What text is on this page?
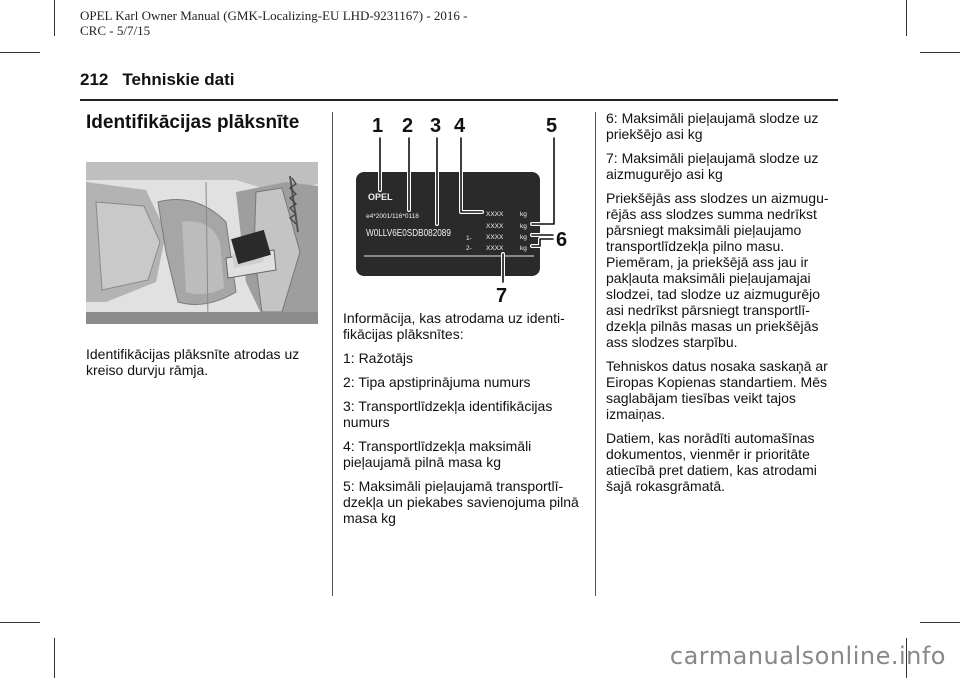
OPEL Karl Owner Manual (GMK-Localizing-EU LHD-9231167) - 2016 -
CRC - 5/7/15
212 Tehniskie dati
Identifikācijas plāksnīte

Identifikācijas plāksnīte atrodas uz kreiso durvju rāmja.

OPEL
e4*2001/116*0118
W0LLV6E0SDB082089
1-
2-
XXXX
XXXX
XXXX
XXXX
kg
kg
kg
kg
1 2 3 4	5
6
7

Informācija, kas atrodama uz identi-fikācijas plāksnītes:

1: Ražotājs

2: Tipa apstiprinājuma numurs

3: Transportlīdzekļa identifikācijas numurs

4: Transportlīdzekļa maksimāli pieļaujamā pilnā masa kg

5: Maksimāli pieļaujamā transportlī-dzekļa un piekabes savienojuma pilnā masa kg

6: Maksimāli pieļaujamā slodze uz priekšējo asi kg

7: Maksimāli pieļaujamā slodze uz aizmugurējo asi kg

Priekšējās ass slodzes un aizmugu-rējās ass slodzes summa nedrīkst pārsniegt maksimāli pieļaujamo transportlīdzekļa pilno masu. Piemēram, ja priekšējā ass jau ir pakļauta maksimāli pieļaujamajai slodzei, tad slodze uz aizmugurējo asi nedrīkst pārsniegt transportlī-dzekļa pilnās masas un priekšējās ass slodzes starpību.

Tehniskos datus nosaka saskaņā ar Eiropas Kopienas standartiem. Mēs saglabājam tiesības veikt tajos izmaiņas.

Datiem, kas norādīti automašīnas dokumentos, vienmēr ir prioritāte atiecībā pret datiem, kas atrodami šajā rokasgrāmatā.

carmanualsonline.info
